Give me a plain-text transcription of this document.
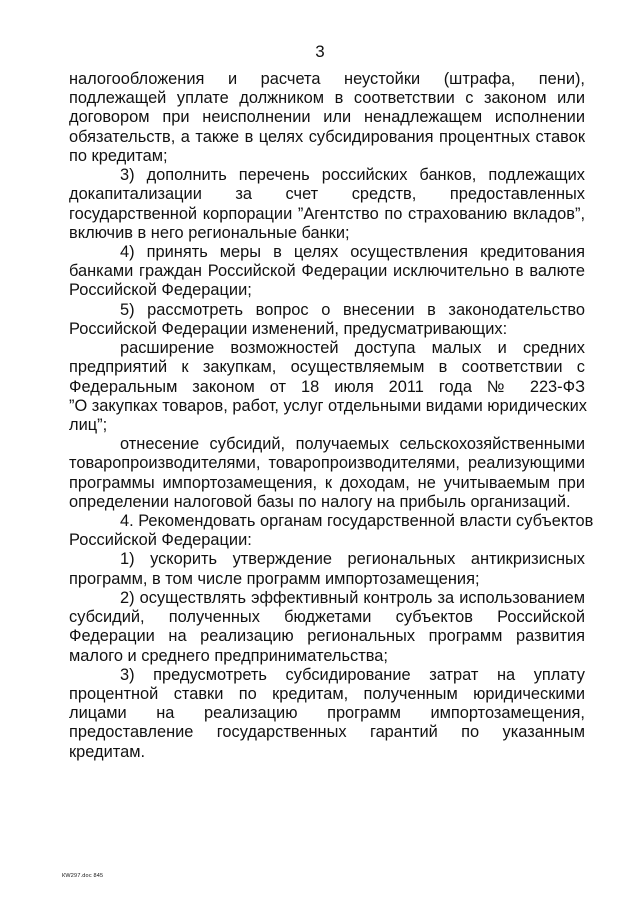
3
налогообложения и расчета неустойки (штрафа, пени),
подлежащей уплате должником в соответствии с законом или
договором при неисполнении или ненадлежащем исполнении
обязательств, а также в целях субсидирования процентных ставок
по кредитам;
3) дополнить перечень российских банков, подлежащих
докапитализации за счет средств, предоставленных
государственной корпорации ”Агентство по страхованию вкладов”,
включив в него региональные банки;
4) принять меры в целях осуществления кредитования
банками граждан Российской Федерации исключительно в валюте
Российской Федерации;
5) рассмотреть вопрос о внесении в законодательство
Российской Федерации изменений, предусматривающих:
расширение возможностей доступа малых и средних
предприятий к закупкам, осуществляемым в соответствии с
Федеральным законом от 18 июля 2011 года № 223-ФЗ
”О закупках товаров, работ, услуг отдельными видами юридических
лиц”;
отнесение субсидий, получаемых сельскохозяйственными
товаропроизводителями, товаропроизводителями, реализующими
программы импортозамещения, к доходам, не учитываемым при
определении налоговой базы по налогу на прибыль организаций.
4. Рекомендовать органам государственной власти субъектов
Российской Федерации:
1) ускорить утверждение региональных антикризисных
программ, в том числе программ импортозамещения;
2) осуществлять эффективный контроль за использованием
субсидий, полученных бюджетами субъектов Российской
Федерации на реализацию региональных программ развития
малого и среднего предпринимательства;
3) предусмотреть субсидирование затрат на уплату
процентной ставки по кредитам, полученным юридическими
лицами на реализацию программ импортозамещения,
предоставление государственных гарантий по указанным
кредитам.
КW297.doc 845
